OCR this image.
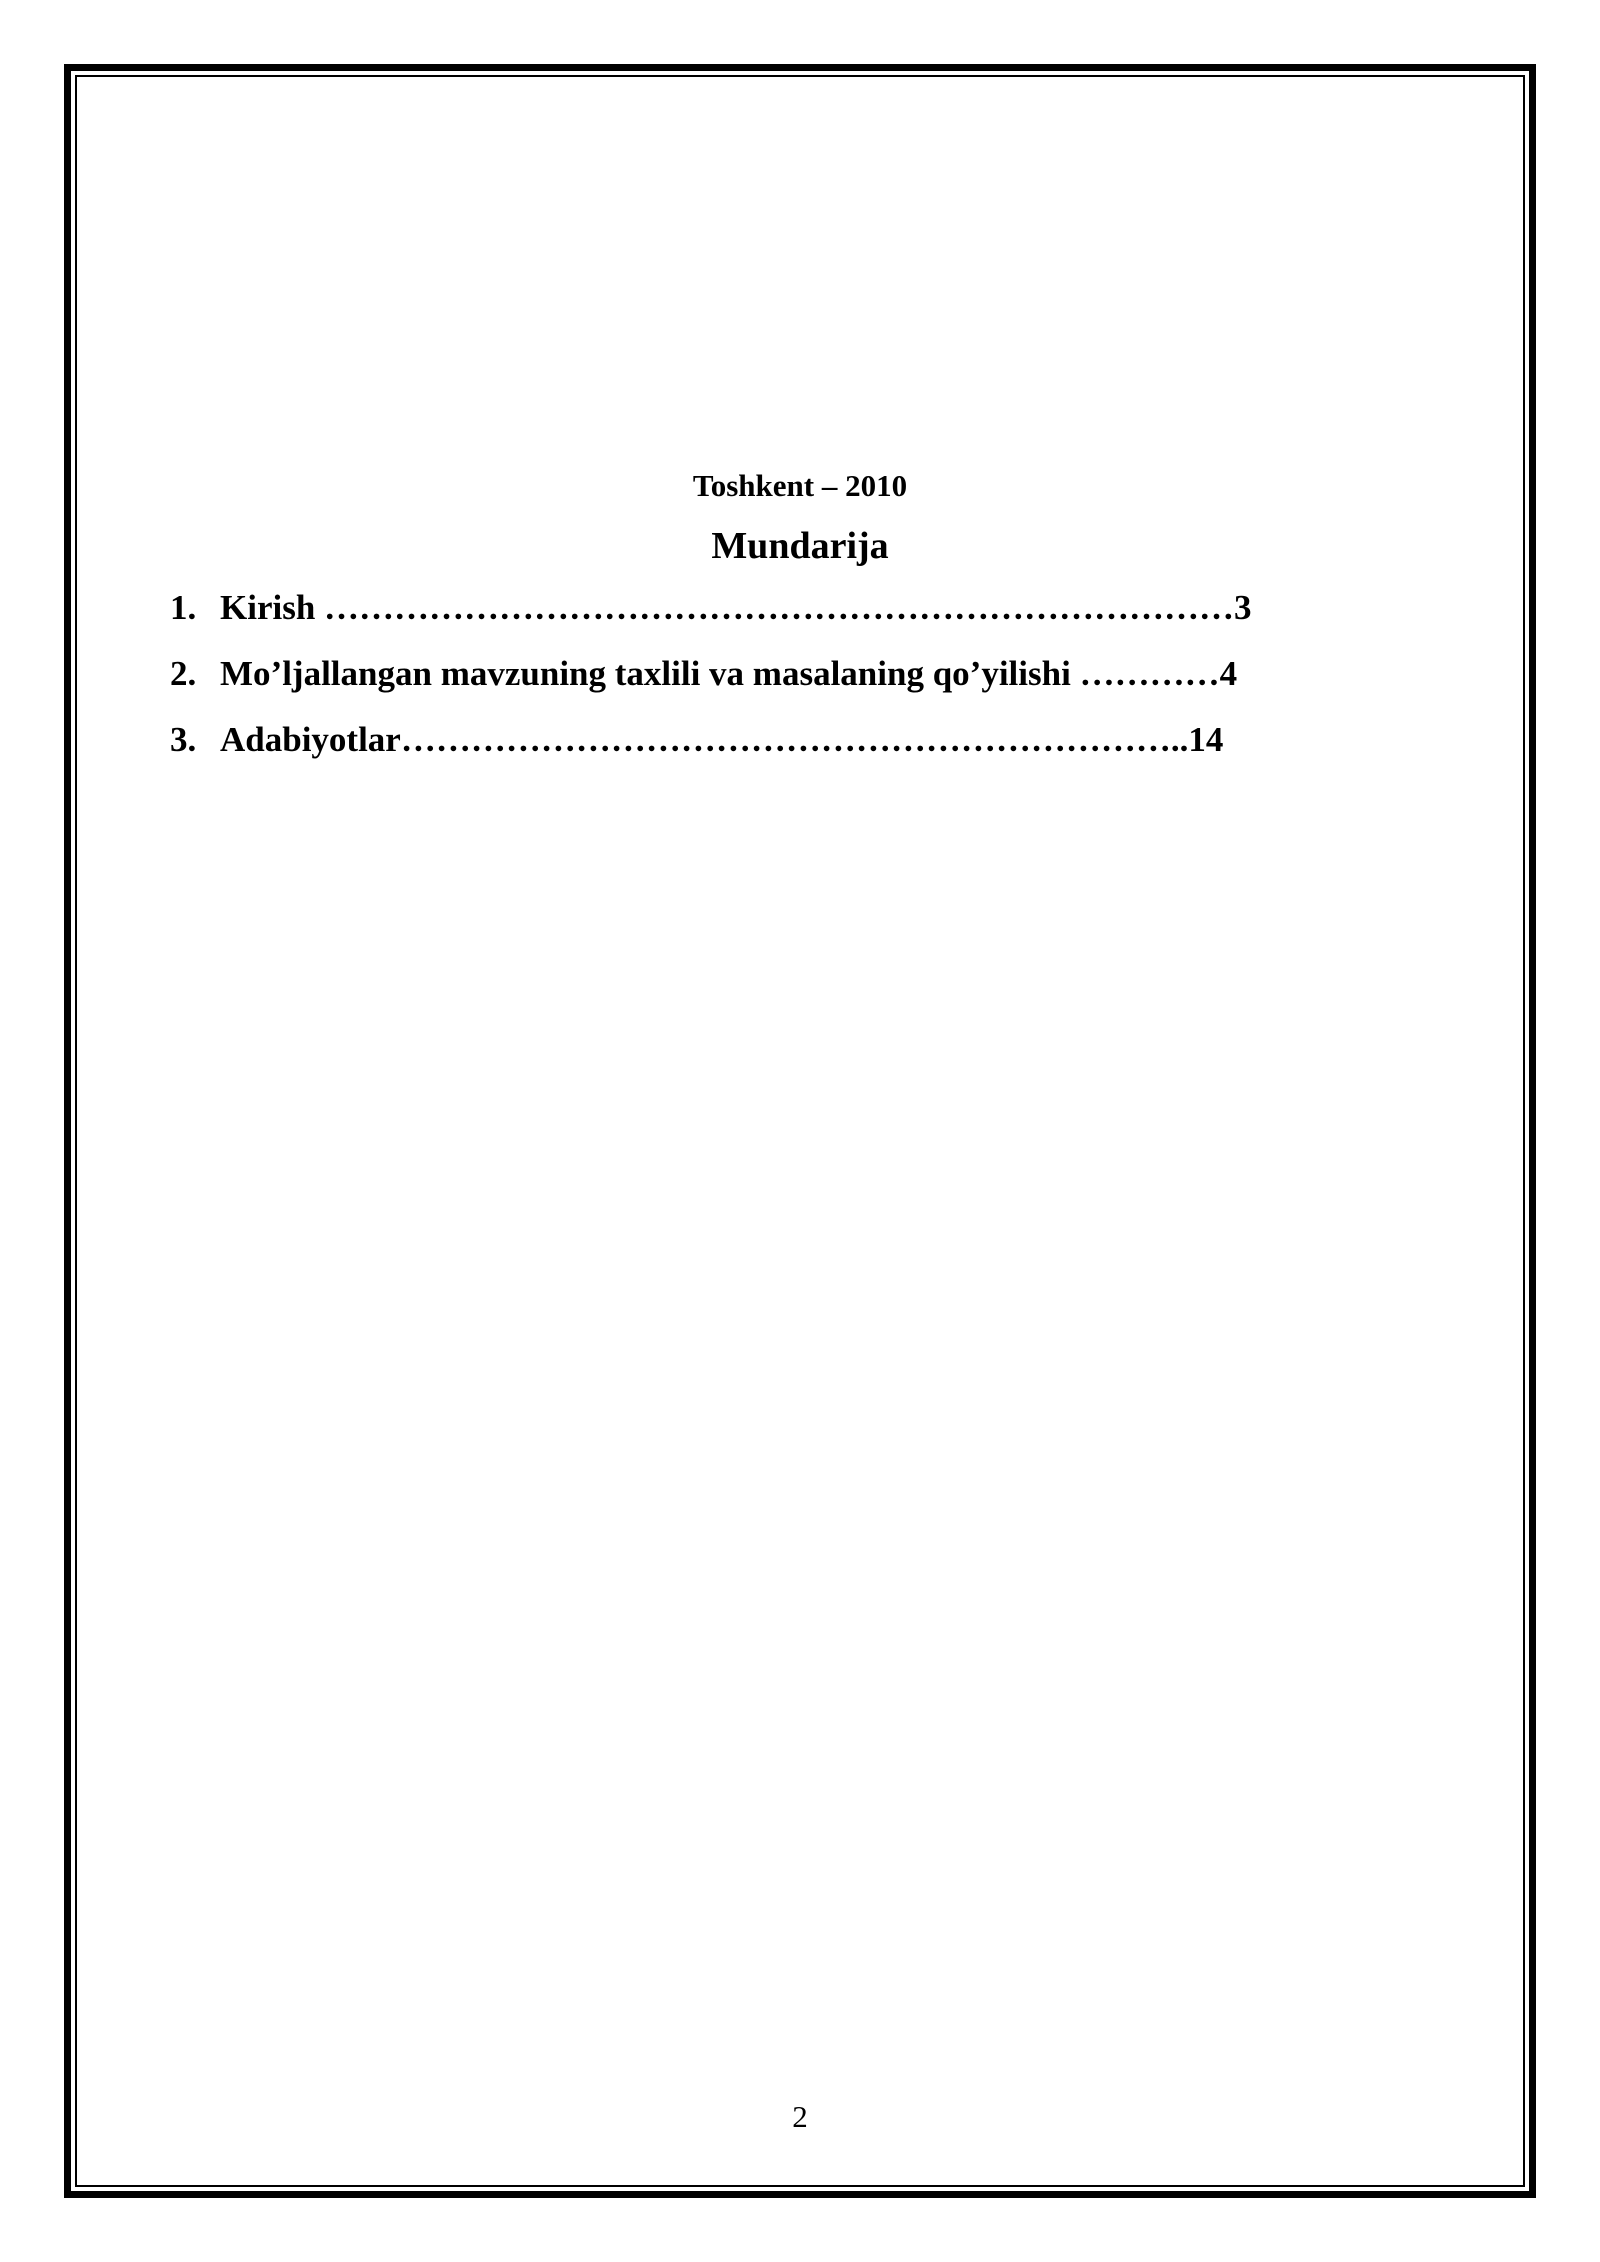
Toshkent – 2010
Mundarija
1. Kirish ……………………………………………………………………3
2. Mo’ljallangan mavzuning taxlili va masalaning qo’yilishi …………4
3. Adabiyotlar…………………………………………………………..14
2
